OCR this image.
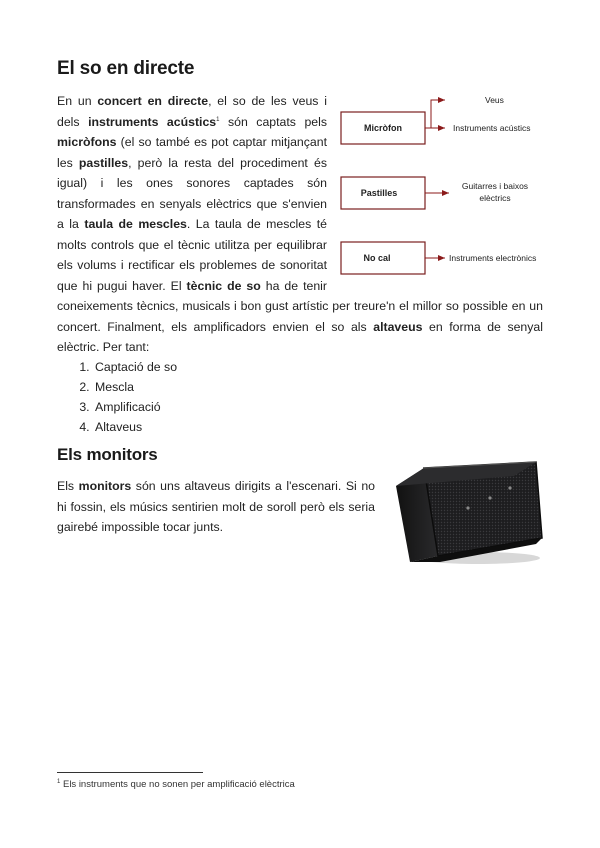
El so en directe

En un concert en directe, el so de les veus i dels instruments acústics$^1$ són captats pels micròfons (el so també es pot captar mitjançant les pastilles, però la resta del procediment és igual) i les ones sonores captades són transformades en senyals elèctrics que s'envien a la taula de mescles. La taula de mescles té molts controls que el tècnic utilitza per equilibrar els volums i rectificar els problemes de sonoritat que hi pugui haver. El tècnic de so ha de tenir coneixements tècnics, musicals i bon gust artístic per treure'n el millor so possible en un concert. Finalment, els amplificadors envien el so als altaveus en forma de senyal elèctric. Per tant:

Micròfon
Veus
Instruments acústics
Pastilles
Guitarres i baixos
elèctrics
No cal	Instruments electrònics
1. Captació de so
2. Mescla
3. Amplificació
4. Altaveus
Els monitors

Els monitors són uns altaveus dirigits a l'escenari. Si no hi fossin, els músics sentirien molt de soroll però els seria gairebé impossible tocar junts.

$^1$ Els instruments que no sonen per amplificació elèctrica
